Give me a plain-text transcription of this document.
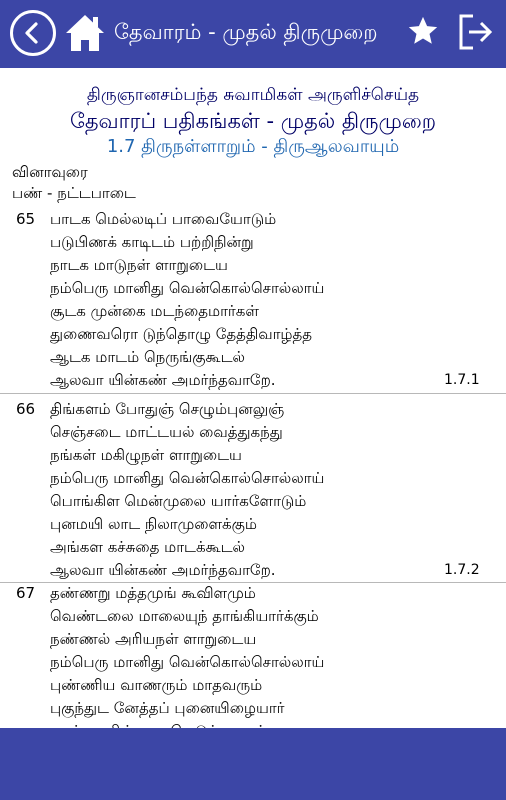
தேவாரம் - முதல் திருமுறை
திருஞானசம்பந்த சுவாமிகள் அருளிச்செய்த
தேவாரப் பதிகங்கள் - முதல் திருமுறை
1.7 திருநள்ளாறும் - திருஆலவாயும்
வினாவுரை
பண் - நட்டபாடை
65 பாடக மெல்லடிப் பாவையோடும்
படுபிணக் காடிடம் பற்றிநின்று
நாடக மாடுநள் ளாறுடைய
நம்பெரு மானிது வென்கொல்சொல்லாய்
சூடக முன்கை மடந்தைமார்கள்
துணைவரொ டுந்தொழு தேத்திவாழ்த்த
ஆடக மாடம் நெருங்குகூடல்
ஆலவா யின்கண் அமர்ந்தவாறே.	1.7.1
66 திங்களம் போதுஞ் செழும்புனலுஞ்
செஞ்சடை மாட்டயல் வைத்துகந்து
நங்கள் மகிழுநள் ளாறுடைய
நம்பெரு மானிது வென்கொல்சொல்லாய்
பொங்கிள மென்முலை யார்களோடும்
புனமயி லாட நிலாமுளைக்கும்
அங்கள கச்சுதை மாடக்கூடல்
ஆலவா யின்கண் அமர்ந்தவாறே.	1.7.2
67 தண்ணறு மத்தமுங் கூவிளமும்
வெண்டலை மாலையுந் தாங்கியார்க்கும்
நண்ணல் அரியநள் ளாறுடைய
நம்பெரு மானிது வென்கொல்சொல்லாய்
புண்ணிய வாணரும் மாதவரும்
புகுந்துட னேத்தப் புனையிழையார்
